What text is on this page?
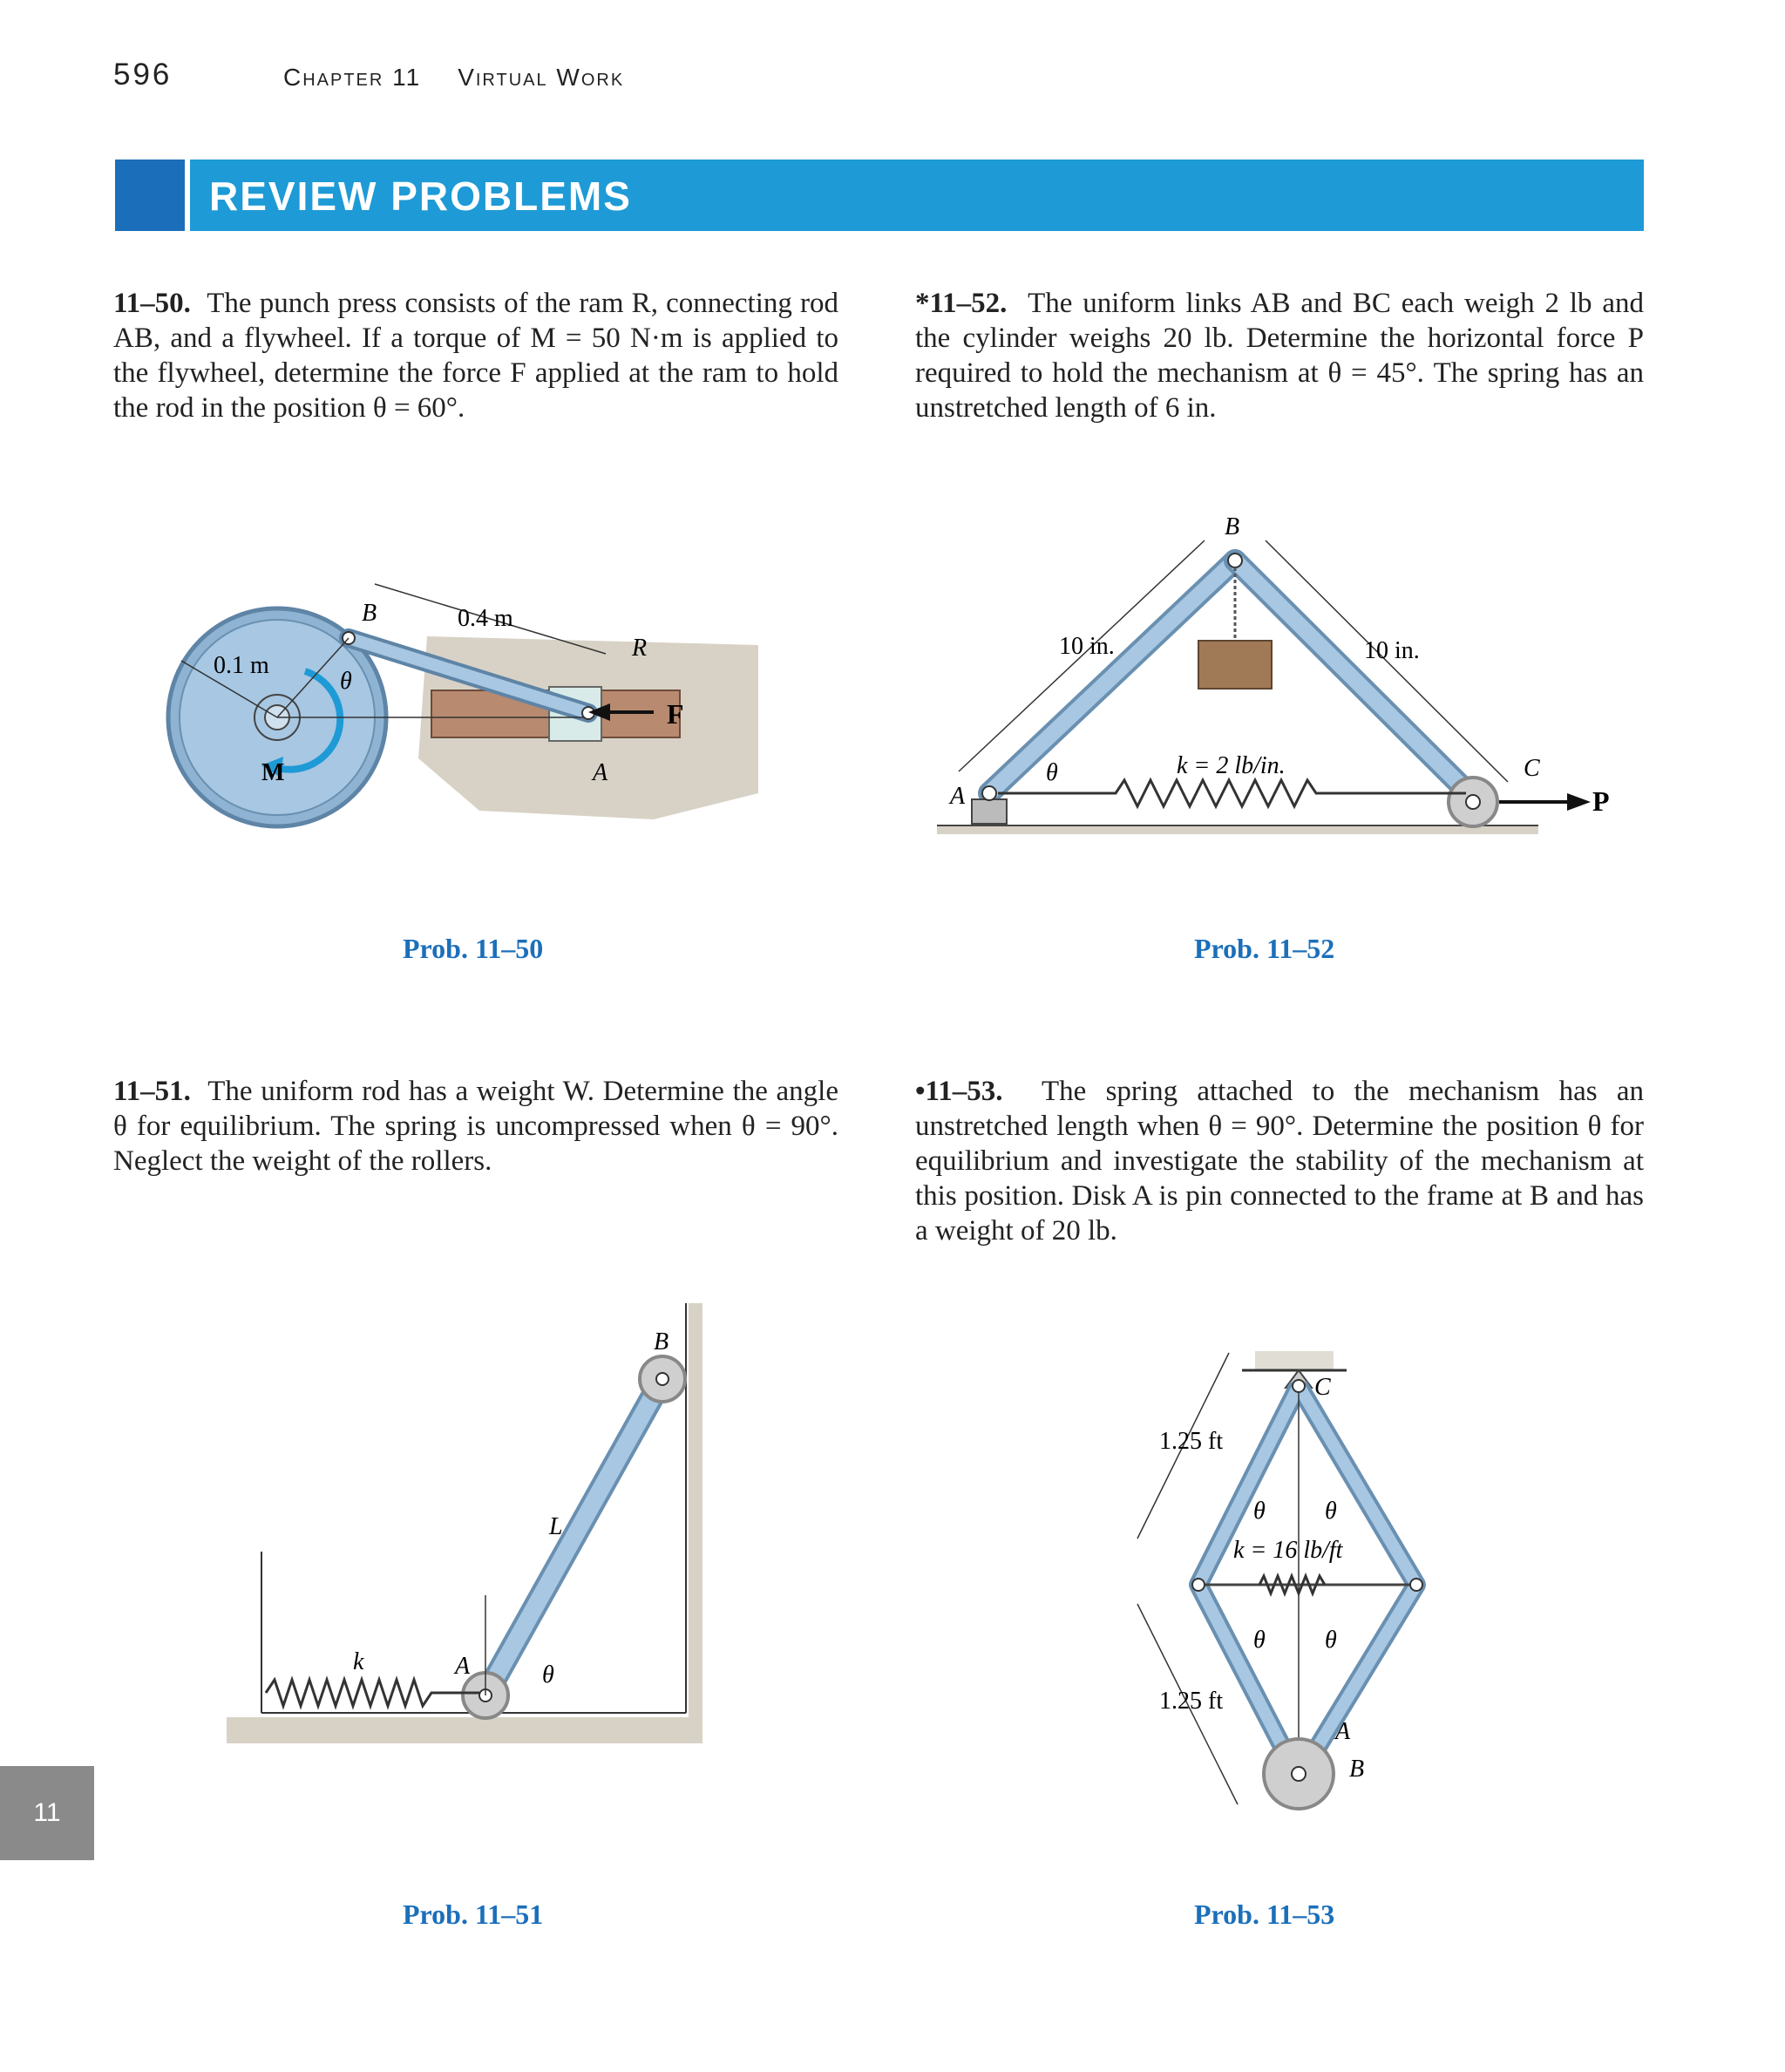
596	Chapter 11 Virtual Work
REVIEW PROBLEMS
11–50. The punch press consists of the ram R, connecting rod AB, and a flywheel. If a torque of M = 50 N·m is applied to the flywheel, determine the force F applied at the ram to hold the rod in the position θ = 60°.
*11–52. The uniform links AB and BC each weigh 2 lb and the cylinder weighs 20 lb. Determine the horizontal force P required to hold the mechanism at θ = 45°. The spring has an unstretched length of 6 in.
11–51. The uniform rod has a weight W. Determine the angle θ for equilibrium. The spring is uncompressed when θ = 90°. Neglect the weight of the rollers.
•11–53. The spring attached to the mechanism has an unstretched length when θ = 90°. Determine the position θ for equilibrium and investigate the stability of the mechanism at this position. Disk A is pin connected to the frame at B and has a weight of 20 lb.
B	0.4 m
R
0.1 m
θ
F
M	A
Prob. 11–50
B
10 in.	10 in.
k = 2 lb/in.
θ
A
C
P
Prob. 11–52
B
L
k	A	θ
Prob. 11–51
C
1.25 ft
θ θ
k = 16 lb/ft
θ θ
1.25 ft
A
B
Prob. 11–53
11
